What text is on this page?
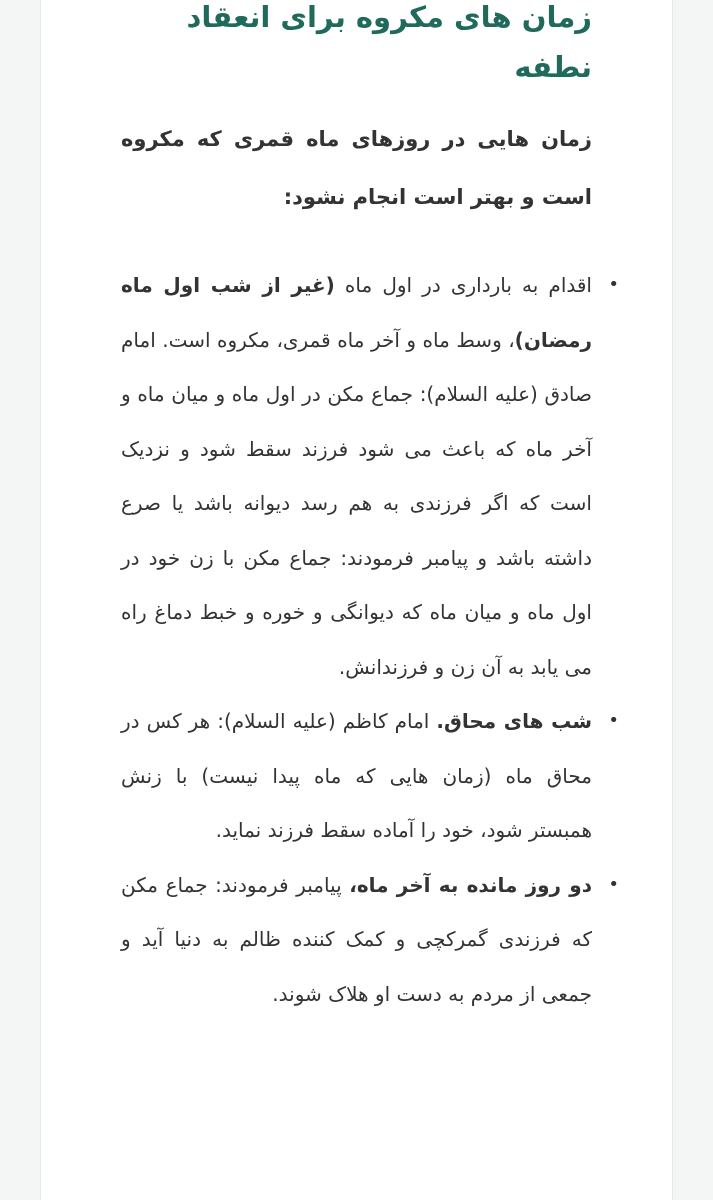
زمان های مکروه برای انعقاد نطفه

زمان هایی در روزهای ماه قمری که مکروه است و بهتر است انجام نشود:

•
اقدام به بارداری در اول ماه (غیر از شب اول ماه رمضان)، وسط ماه و آخر ماه قمری، مکروه است. امام صادق (علیه السلام): جماع مکن در اول ماه و میان ماه و آخر ماه که باعث می شود فرزند سقط شود و نزدیک است که اگر فرزندی به هم رسد دیوانه باشد یا صرع داشته باشد و پیامبر فرمودند: جماع مکن با زن خود در اول ماه و میان ماه که دیوانگی و خوره و خبط دماغ راه می یابد به آن زن و فرزندانش.
•
شب های محاق. امام کاظم (علیه السلام): هر کس در محاق ماه (زمان هایی که ماه پیدا نیست) با زنش همبستر شود، خود را آماده سقط فرزند نماید.
•
دو روز مانده به آخر ماه، پیامبر فرمودند: جماع مکن که فرزندی گمرکچی و کمک کننده ظالم به دنیا آید و جمعی از مردم به دست او هلاک شوند.
